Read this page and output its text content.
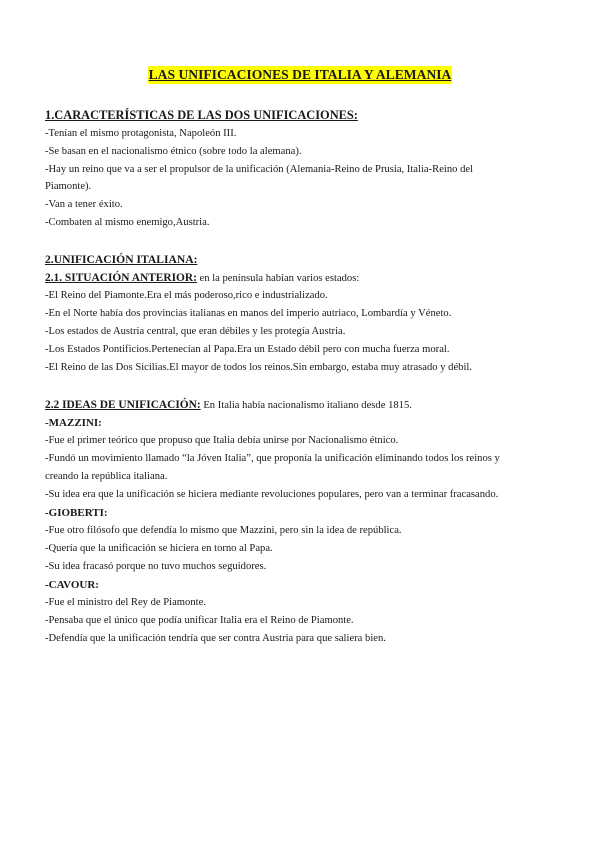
LAS UNIFICACIONES DE ITALIA Y ALEMANIA
1.CARACTERÍSTICAS DE LAS DOS UNIFICACIONES:
-Tenían el mismo protagonista, Napoleón III.
-Se basan en el nacionalismo étnico (sobre todo la alemana).
-Hay un reino que va a ser el propulsor de la unificación (Alemania-Reino de Prusia, Italia-Reino del
Piamonte).
-Van a tener éxito.
-Combaten al mismo enemigo,Austria.
2.UNIFICACIÓN ITALIANA:
2.1. SITUACIÓN ANTERIOR: en la península habían varios estados:
-El Reino del Piamonte.Era el más poderoso,rico e industrializado.
-En el Norte había dos provincias italianas en manos del imperio autriaco, Lombardía y Véneto.
-Los estados de Austria central, que eran débiles y les protegía Austria.
-Los Estados Pontificios.Pertenecían al Papa.Era un Estado débil pero con mucha fuerza moral.
-El Reino de las Dos Sicilias.El mayor de todos los reinos.Sin embargo, estaba muy atrasado y débil.
2.2 IDEAS DE UNIFICACIÓN: En Italia había nacionalismo italiano desde 1815.
-MAZZINI:
-Fue el primer teórico que propuso que Italia debía unirse por Nacionalismo étnico.
-Fundó un movimiento llamado “la Jóven Italia”, que proponía la unificación eliminando todos los reinos y
creando la república italiana.
-Su idea era que la unificación se hiciera mediante revoluciones populares, pero van a terminar fracasando.
-GIOBERTI:
-Fue otro filósofo que defendía lo mismo que Mazzini, pero sin la idea de república.
-Quería que la unificación se hiciera en torno al Papa.
-Su idea fracasó porque no tuvo muchos seguidores.
-CAVOUR:
-Fue el ministro del Rey de Piamonte.
-Pensaba que el único que podía unificar Italia era el Reino de Piamonte.
-Defendía que la unificación tendría que ser contra Austria para que saliera bien.
